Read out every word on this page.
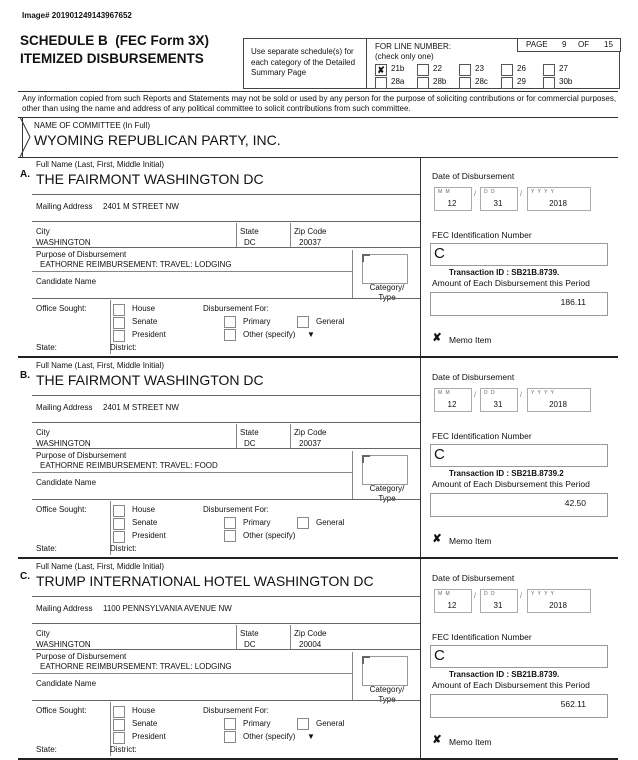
Image# 201901249143967652
SCHEDULE B (FEC Form 3X)
ITEMIZED DISBURSEMENTS	Use separate schedule(s) for each category of the Detailed Summary Page
FOR LINE NUMBER:
(check only one)
PAGE 9 OF 15
✘ 21b	22	23	26	27
28a	28b	28c	29	30b
Any information copied from such Reports and Statements may not be sold or used by any person for the purpose of soliciting contributions or for commercial purposes, other than using the name and address of any political committee to solicit contributions from such committee.
NAME OF COMMITTEE (In Full)
WYOMING REPUBLICAN PARTY, INC.
A.
Full Name (Last, First, Middle Initial)
THE FAIRMONT WASHINGTON DC
Mailing Address 2401 M STREET NW
City
WASHINGTON
State
DC
Zip Code
20037
Purpose of Disbursement
EATHORNE REIMBURSEMENT: TRAVEL: LODGING
Candidate Name
Category/
Office Sought:	House
Senate
President
State:	District:
Disbursement For:
Primary	General
Other (specify) ▼
Date of Disbursement
M M
12
/ D D
31
/ Y Y Y Y
2018
FEC Identification Number
C
Transaction ID : SB21B.8739.
Amount of Each Disbursement this Period
186.11
✘ Memo Item
B.
Full Name (Last, First, Middle Initial)
THE FAIRMONT WASHINGTON DC
Mailing Address 2401 M STREET NW
City
WASHINGTON
State
DC
Zip Code
20037
Purpose of Disbursement
EATHORNE REIMBURSEMENT: TRAVEL: FOOD
Candidate Name
Category/
Office Sought:	House
Senate
President
State:	District:
Disbursement For:
Primary	General
Other (specify)
Date of Disbursement
M M
12
/ D D
31
/ Y Y Y Y
2018
FEC Identification Number
C
Transaction ID : SB21B.8739.2
Amount of Each Disbursement this Period
42.50
✘ Memo Item
C.
Full Name (Last, First, Middle Initial)
TRUMP INTERNATIONAL HOTEL WASHINGTON DC
Mailing Address 1100 PENNSYLVANIA AVENUE NW
City
WASHINGTON
State
DC
Zip Code
20004
Purpose of Disbursement
EATHORNE REIMBURSEMENT: TRAVEL: LODGING
Candidate Name
Category/
Office Sought:	House
Senate
President
State:	District:
Disbursement For:
Primary	General
Other (specify) ▼
Date of Disbursement
M M
12
/ D D
31
/ Y Y Y Y
2018
FEC Identification Number
C
Transaction ID : SB21B.8739.
Amount of Each Disbursement this Period
562.11
✘ Memo Item
